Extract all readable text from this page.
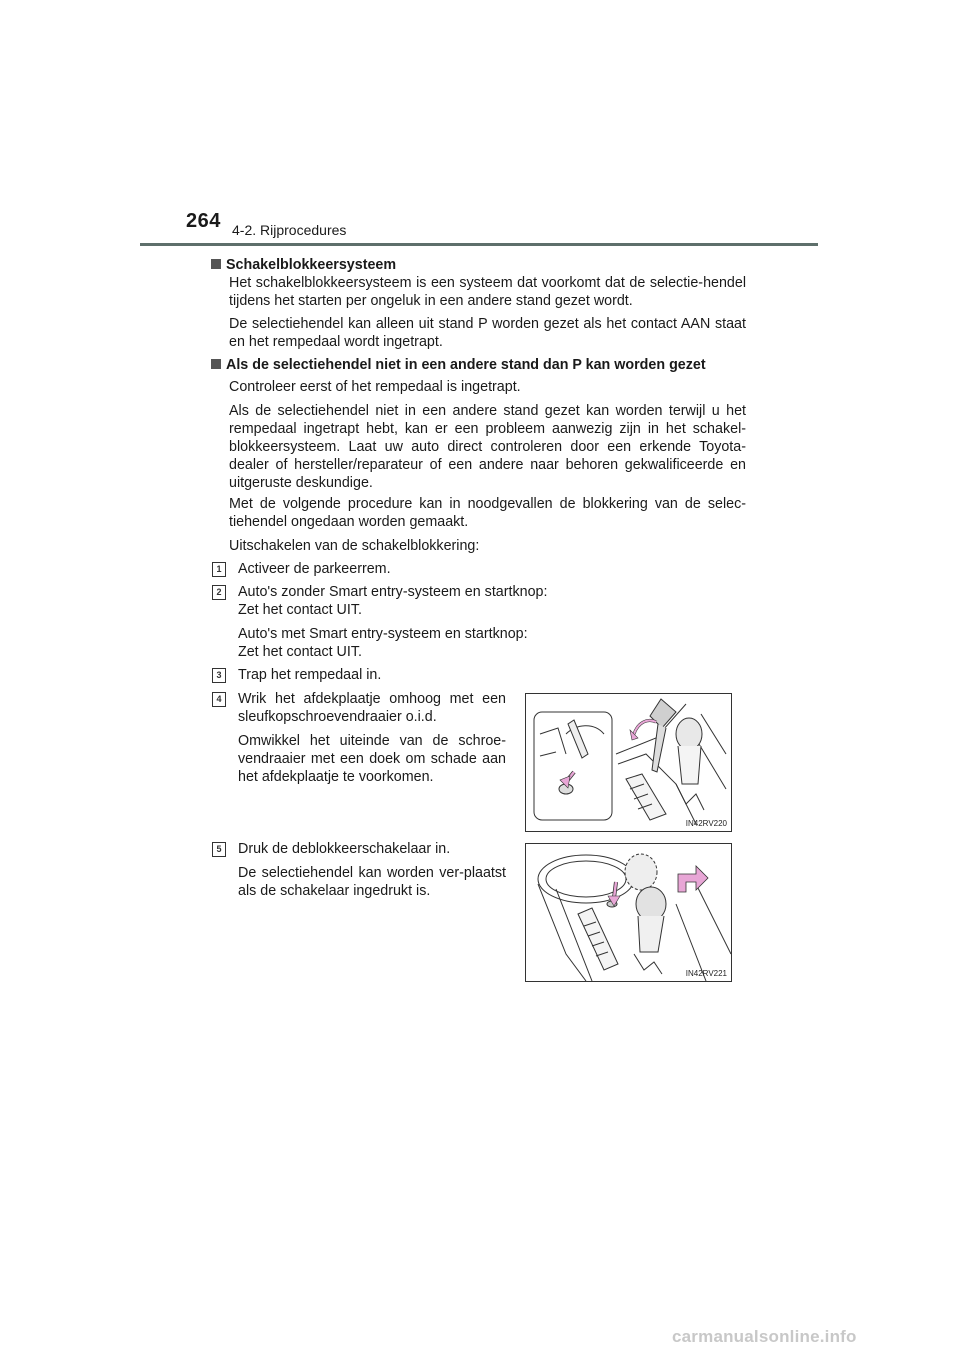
264 4-2. Rijprocedures
Schakelblokkeersysteem
Het schakelblokkeersysteem is een systeem dat voorkomt dat de selectie-hendel tijdens het starten per ongeluk in een andere stand gezet wordt.
De selectiehendel kan alleen uit stand P worden gezet als het contact AAN staat en het rempedaal wordt ingetrapt.
Als de selectiehendel niet in een andere stand dan P kan worden gezet
Controleer eerst of het rempedaal is ingetrapt.
Als de selectiehendel niet in een andere stand gezet kan worden terwijl u het rempedaal ingetrapt hebt, kan er een probleem aanwezig zijn in het schakel-blokkeersysteem. Laat uw auto direct controleren door een erkende Toyota-dealer of hersteller/reparateur of een andere naar behoren gekwalificeerde en uitgeruste deskundige.
Met de volgende procedure kan in noodgevallen de blokkering van de selec-tiehendel ongedaan worden gemaakt.
Uitschakelen van de schakelblokkering:
1	Activeer de parkeerrem.
2	Auto's zonder Smart entry-systeem en startknop:
Zet het contact UIT.
Auto's met Smart entry-systeem en startknop:
Zet het contact UIT.
3	Trap het rempedaal in.
4	Wrik het afdekplaatje omhoog met een sleufkopschroevendraaier o.i.d.
Omwikkel het uiteinde van de schroe-vendraaier met een doek om schade aan het afdekplaatje te voorkomen.
5	Druk de deblokkeerschakelaar in.
De selectiehendel kan worden ver-plaatst als de schakelaar ingedrukt is.
IN42RV220
IN42RV221
carmanualsonline.info
